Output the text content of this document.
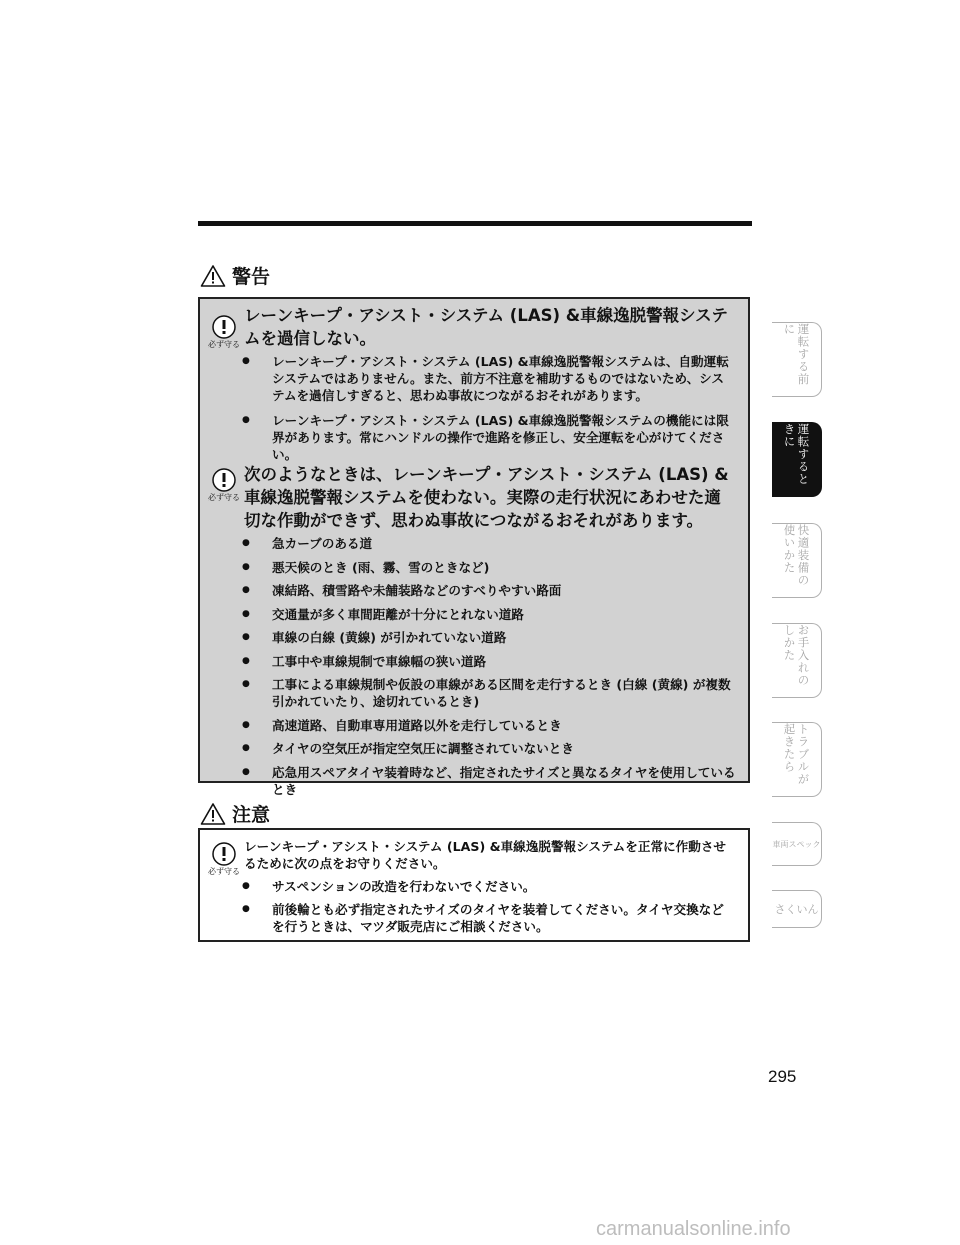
警告
必ず守る
レーンキープ・アシスト・システム (LAS) &車線逸脱警報システムを過信しない。
● レーンキープ・アシスト・システム (LAS) &車線逸脱警報システムは、自動運転システムではありません。また、前方不注意を補助するものではないため、システムを過信しすぎると、思わぬ事故につながるおそれがあります。
● レーンキープ・アシスト・システム (LAS) &車線逸脱警報システムの機能には限界があります。常にハンドルの操作で進路を修正し、安全運転を心がけてください。
必ず守る
次のようなときは、レーンキープ・アシスト・システム (LAS) &車線逸脱警報システムを使わない。実際の走行状況にあわせた適切な作動ができず、思わぬ事故につながるおそれがあります。
● 急カーブのある道
● 悪天候のとき (雨、霧、雪のときなど)
● 凍結路、積雪路や未舗装路などのすべりやすい路面
● 交通量が多く車間距離が十分にとれない道路
● 車線の白線 (黄線) が引かれていない道路
● 工事中や車線規制で車線幅の狭い道路
● 工事による車線規制や仮設の車線がある区間を走行するとき (白線 (黄線) が複数引かれていたり、途切れているとき)
● 高速道路、自動車専用道路以外を走行しているとき
● タイヤの空気圧が指定空気圧に調整されていないとき
● 応急用スペアタイヤ装着時など、指定されたサイズと異なるタイヤを使用しているとき
注意
必ず守る
レーンキープ・アシスト・システム (LAS) &車線逸脱警報システムを正常に作動させるために次の点をお守りください。
● サスペンションの改造を行わないでください。
● 前後輪とも必ず指定されたサイズのタイヤを装着してください。タイヤ交換などを行うときは、マツダ販売店にご相談ください。
運転する前に
運転するときに
快適装備の使いかた
お手入れのしかた
トラブルが起きたら
車両スペック
さくいん
295
carmanualsonline.info
